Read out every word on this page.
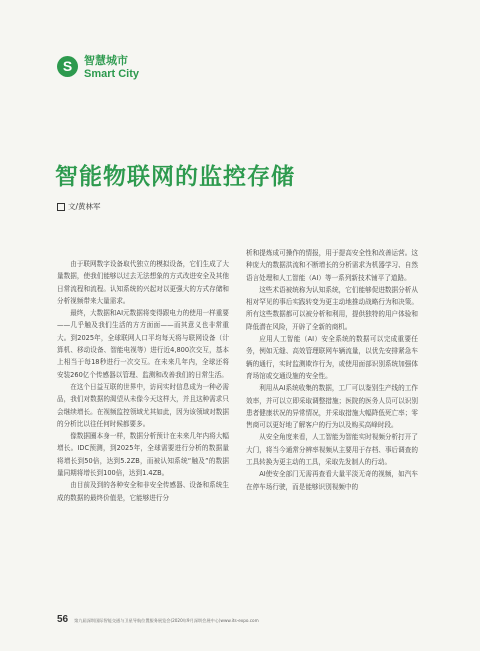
S	智慧城市
Smart City
智能物联网的监控存储
文/黄林军

由于联网数字设备取代独立的模拟设备，它们生成了大量数据，使我们能够以过去无法想象的方式改进安全及其他日常流程和流程。认知系统的兴起对以更强大的方式存储和分析视频带来大量需求。

最终，大数据和AI元数据将变得跟电力的使用一样重要——几乎触及我们生活的方方面面——而其意义也非常重大。到2025年，全球联网人口平均每天将与联网设备（计算机、移动设备、智能电视等）进行近4,800次交互，基本上相当于每18秒进行一次交互。在未来几年内，全球还将安装260亿个传感器以管理、监测和改善我们的日常生活。

在这个日益互联的世界中，访问实时信息成为一种必需品，我们对数据的渴望从未像今天这样大，并且这种需求只会继续增长。在视频监控领域尤其如此，因为该领域对数据的分析比以往任何时候都要多。

像数据圈本身一样，数据分析预计在未来几年内将大幅增长。IDC预测，到2025年，全球需要进行分析的数据量将增长到50倍，达到5.2ZB，而被认知系统“触及”的数据量同期将增长到100倍，达到1.4ZB。

由目前及到的各种安全和非安全传感器、设备和系统生成的数据的最终价值是，它能够进行分

析和提炼成可操作的情报，用于提高安全性和改善运营。这种庞大的数据洪流和不断增长的分析需求为机器学习、自然语言处理和人工智能（AI）等一系列新技术铺平了道路。

这些术语被统称为认知系统，它们能够促进数据分析从相对罕见的事后实践转变为更主动地推动战略行为和决策。所有这些数据都可以被分析和利用，提供独特的用户体验和降低潜在风险，开辟了全新的商机。

应用人工智能（AI）安全系统的数据可以完成重要任务，例如无缝、高效管理联网车辆流量，以优先安排紧急车辆的通行，实时监测欺诈行为，或使用面部识别系统加强体育场馆或交通设施的安全性。

利用从AI系统收集的数据，工厂可以鉴别生产线的工作效率，并可以立即采取调整措施；医院的医务人员可以识别患者健康状况的异常情况，并采取措施大幅降低死亡率；零售商可以更好地了解客户的行为以及购买高峰时段。

从安全角度来看，人工智能为智能实时视频分析打开了大门，将当今通常分辨率视频从主要用于存档、事后调查的工具转换为更主动的工具，采取先发制人的行动。

AI使安全部门无需再查看大量平淡无奇的视频，如汽车在停车场行驶，而是能够识别视频中的

56 第九届深圳国际智能交通与卫星导航位置服务展览会(2020年9月深圳会展中心)www.its-expo.com
